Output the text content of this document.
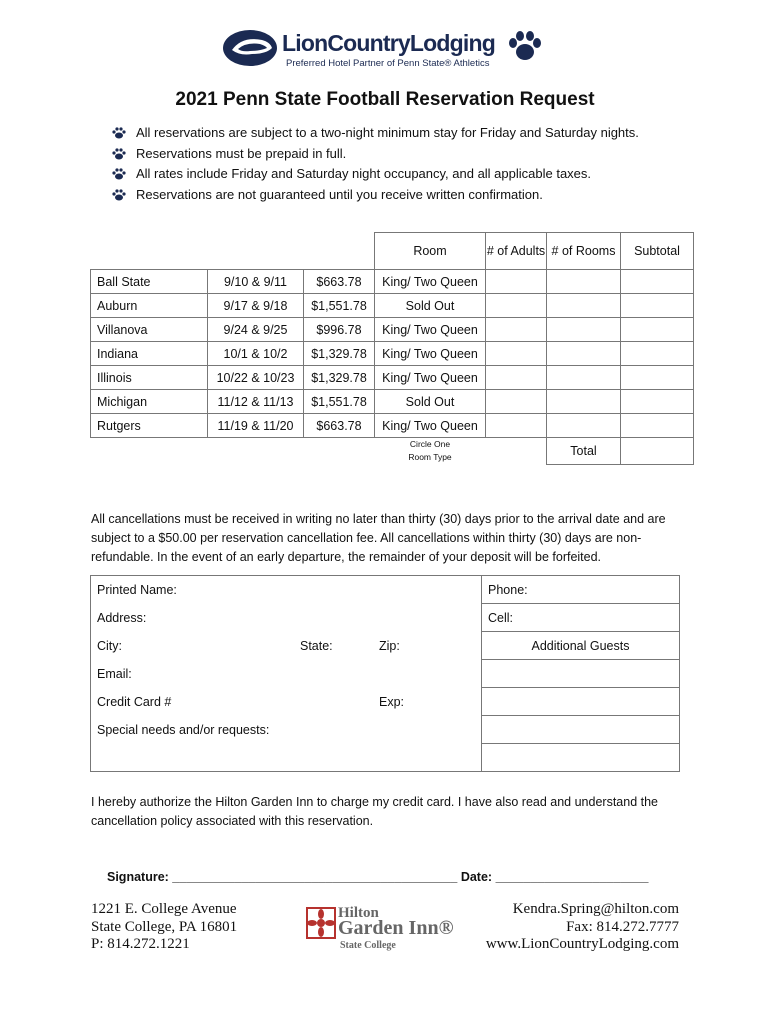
LionCountryLodging
Preferred Hotel Partner of Penn State® Athletics
2021 Penn State Football Reservation Request
All reservations are subject to a two-night minimum stay for Friday and Saturday nights.
Reservations must be prepaid in full.
All rates include Friday and Saturday night occupancy, and all applicable taxes.
Reservations are not guaranteed until you receive written confirmation.
			Room	# of Adults	# of Rooms	Subtotal
Ball State	9/10 & 9/11	$663.78	King/ Two Queen			
Auburn	9/17 & 9/18	$1,551.78	Sold Out			
Villanova	9/24 & 9/25	$996.78	King/ Two Queen			
Indiana	10/1 & 10/2	$1,329.78	King/ Two Queen			
Illinois	10/22 & 10/23	$1,329.78	King/ Two Queen			
Michigan	11/12 & 11/13	$1,551.78	Sold Out			
Rutgers	11/19 & 11/20	$663.78	King/ Two Queen			

			Circle One
Room Type		Total	
All cancellations must be received in writing no later than thirty (30) days prior to the arrival date and are subject to a $50.00 per reservation cancellation fee. All cancellations within thirty (30) days are non-refundable. In the event of an early departure, the remainder of your deposit will be forfeited.
Printed Name:	Phone:
Address:	Cell:

City: State: Zip:	Additional Guests
Email:	

Credit Card # Exp:	

Special needs and/or requests:	

I hereby authorize the Hilton Garden Inn to charge my credit card. I have also read and understand the cancellation policy associated with this reservation.
Signature: _________________________________________ Date: ______________________
1221 E. College Avenue
State College, PA 16801
P: 814.272.1221
Hilton
Garden Inn®
State College
Kendra.Spring@hilton.com
Fax: 814.272.7777
www.LionCountryLodging.com
